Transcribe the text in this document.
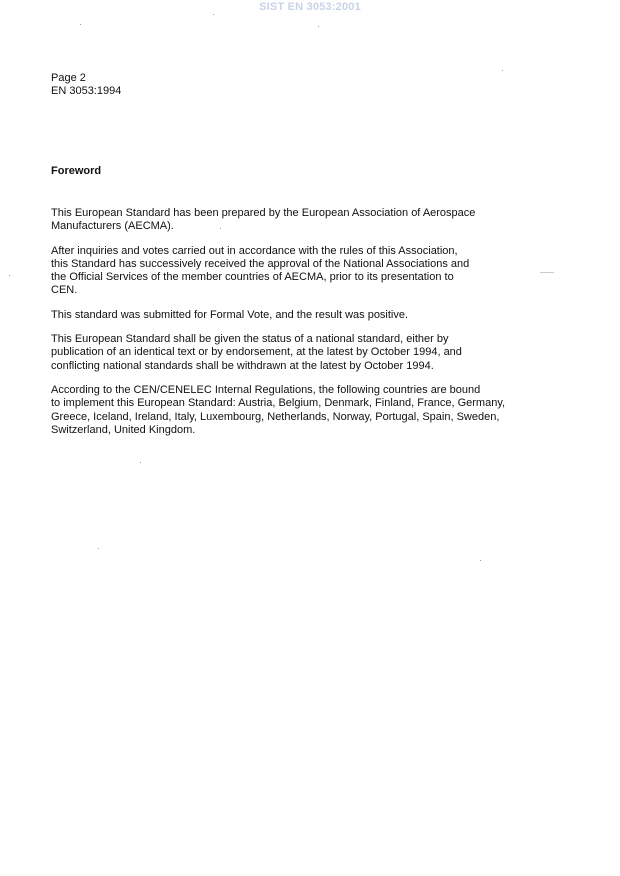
SIST EN 3053:2001
Page 2
EN 3053:1994
Foreword

This European Standard has been prepared by the European Association of Aerospace
Manufacturers (AECMA).

After inquiries and votes carried out in accordance with the rules of this Association,
this Standard has successively received the approval of the National Associations and
the Official Services of the member countries of AECMA, prior to its presentation to
CEN.

This standard was submitted for Formal Vote, and the result was positive.

This European Standard shall be given the status of a national standard, either by
publication of an identical text or by endorsement, at the latest by October 1994, and
conflicting national standards shall be withdrawn at the latest by October 1994.

According to the CEN/CENELEC Internal Regulations, the following countries are bound
to implement this European Standard: Austria, Belgium, Denmark, Finland, France, Germany,
Greece, Iceland, Ireland, Italy, Luxembourg, Netherlands, Norway, Portugal, Spain, Sweden,
Switzerland, United Kingdom.
